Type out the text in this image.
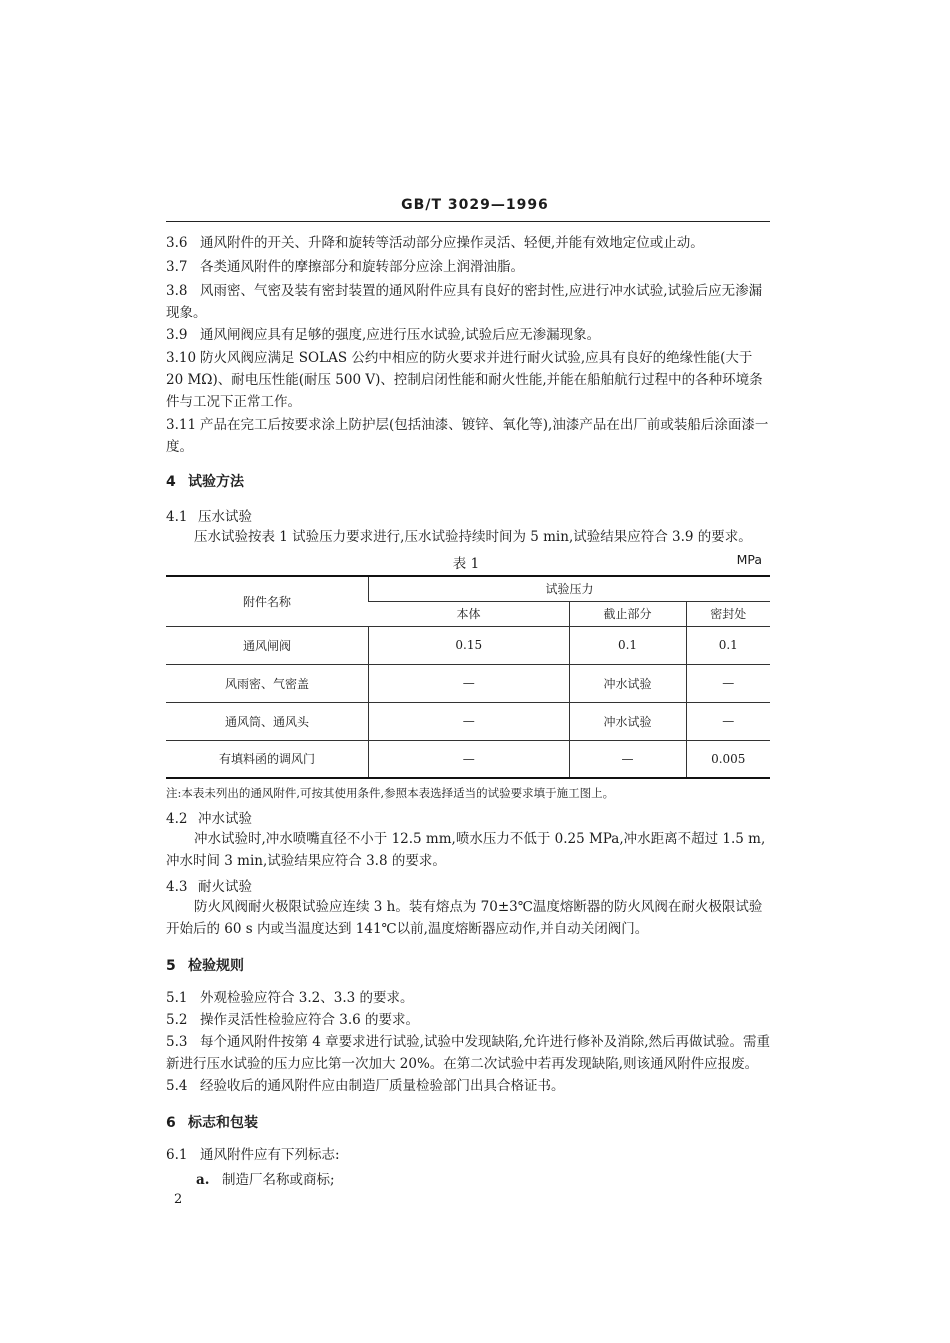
GB/T 3029—1996

3.6 通风附件的开关、升降和旋转等活动部分应操作灵活、轻便,并能有效地定位或止动。

3.7 各类通风附件的摩擦部分和旋转部分应涂上润滑油脂。

3.8 风雨密、气密及装有密封装置的通风附件应具有良好的密封性,应进行冲水试验,试验后应无渗漏现象。

3.9 通风闸阀应具有足够的强度,应进行压水试验,试验后应无渗漏现象。

3.10 防火风阀应满足 SOLAS 公约中相应的防火要求并进行耐火试验,应具有良好的绝缘性能(大于 20 MΩ)、耐电压性能(耐压 500 V)、控制启闭性能和耐火性能,并能在船舶航行过程中的各种环境条件与工况下正常工作。

3.11 产品在完工后按要求涂上防护层(包括油漆、镀锌、氧化等),油漆产品在出厂前或装船后涂面漆一度。

4 试验方法
4.1 压水试验

压水试验按表 1 试验压力要求进行,压水试验持续时间为 5 min,试验结果应符合 3.9 的要求。

表 1	MPa
附件名称	试验压力		
	本体	截止部分	密封处
通风闸阀	0.15	0.1	0.1
风雨密、气密盖	—	冲水试验	—
通风筒、通风头	—	冲水试验	—
有填料函的调风门	—	—	0.005
注:本表未列出的通风附件,可按其使用条件,参照本表选择适当的试验要求填于施工图上。
4.2 冲水试验

冲水试验时,冲水喷嘴直径不小于 12.5 mm,喷水压力不低于 0.25 MPa,冲水距离不超过 1.5 m,冲水时间 3 min,试验结果应符合 3.8 的要求。

4.3 耐火试验

防火风阀耐火极限试验应连续 3 h。装有熔点为 70±3℃温度熔断器的防火风阀在耐火极限试验开始后的 60 s 内或当温度达到 141℃以前,温度熔断器应动作,并自动关闭阀门。

5 检验规则

5.1 外观检验应符合 3.2、3.3 的要求。

5.2 操作灵活性检验应符合 3.6 的要求。

5.3 每个通风附件按第 4 章要求进行试验,试验中发现缺陷,允许进行修补及消除,然后再做试验。需重新进行压水试验的压力应比第一次加大 20%。在第二次试验中若再发现缺陷,则该通风附件应报废。

5.4 经验收后的通风附件应由制造厂质量检验部门出具合格证书。

6 标志和包装

6.1 通风附件应有下列标志:

a. 制造厂名称或商标;
2
